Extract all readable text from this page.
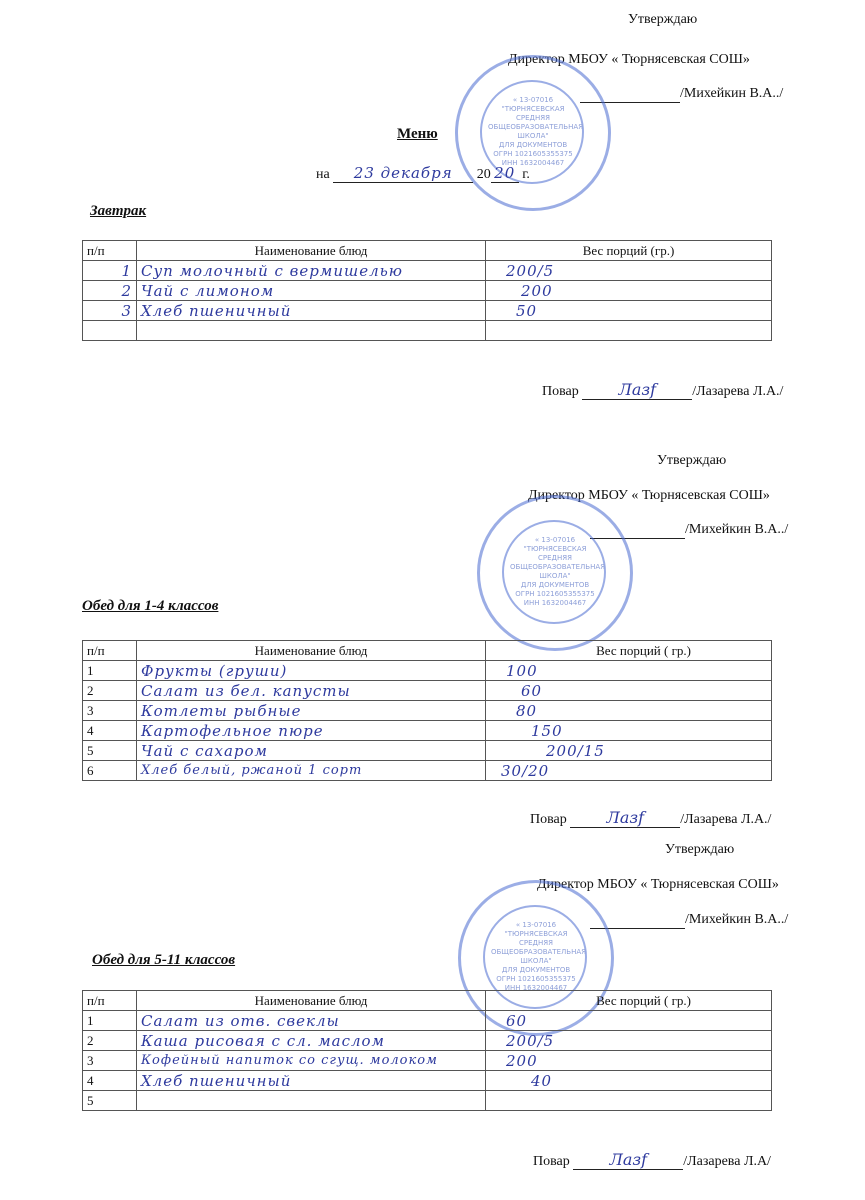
Утверждаю
Директор МБОУ « Тюрнясевская СОШ»
/Михейкин В.А../
« 13-07016
"ТЮРНЯСЕВСКАЯ
СРЕДНЯЯ
ОБЩЕОБРАЗОВАТЕЛЬНАЯ
ШКОЛА"
ДЛЯ ДОКУМЕНТОВ
ОГРН 1021605355375
ИНН 1632004467
Меню
на 23 декабря 20 20 г.
Завтрак
п/п	Наименование блюд	Вес порций (гр.)
1	Суп молочный с вермишелью	200/5
2	Чай с лимоном	200
3	Хлеб пшеничный	50

Повар Лазf	/Лазарева Л.А./
Утверждаю
Директор МБОУ « Тюрнясевская СОШ»
/Михейкин В.А../
« 13-07016
"ТЮРНЯСЕВСКАЯ
СРЕДНЯЯ
ОБЩЕОБРАЗОВАТЕЛЬНАЯ
ШКОЛА"
ДЛЯ ДОКУМЕНТОВ
ОГРН 1021605355375
ИНН 1632004467
Обед для 1-4 классов
п/п	Наименование блюд	Вес порций ( гр.)
1	Фрукты (груши)	100
2	Салат из бел. капусты	60
3	Котлеты рыбные	80
4	Картофельное пюре	150
5	Чай с сахаром	200/15
6	Хлеб белый, ржаной 1 сорт	30/20
Повар Лазf	/Лазарева Л.А./
Утверждаю
Директор МБОУ « Тюрнясевская СОШ»
/Михейкин В.А../
« 13-07016
"ТЮРНЯСЕВСКАЯ
СРЕДНЯЯ
ОБЩЕОБРАЗОВАТЕЛЬНАЯ
ШКОЛА"
ДЛЯ ДОКУМЕНТОВ
ОГРН 1021605355375
ИНН 1632004467
Обед для 5-11 классов
п/п	Наименование блюд	Вес порций ( гр.)
1	Салат из отв. свеклы	60
2	Каша рисовая с сл. маслом	200/5
3	Кофейный напиток со сгущ. молоком	200
4	Хлеб пшеничный	40
5		
Повар Лазf	/Лазарева Л.А/
